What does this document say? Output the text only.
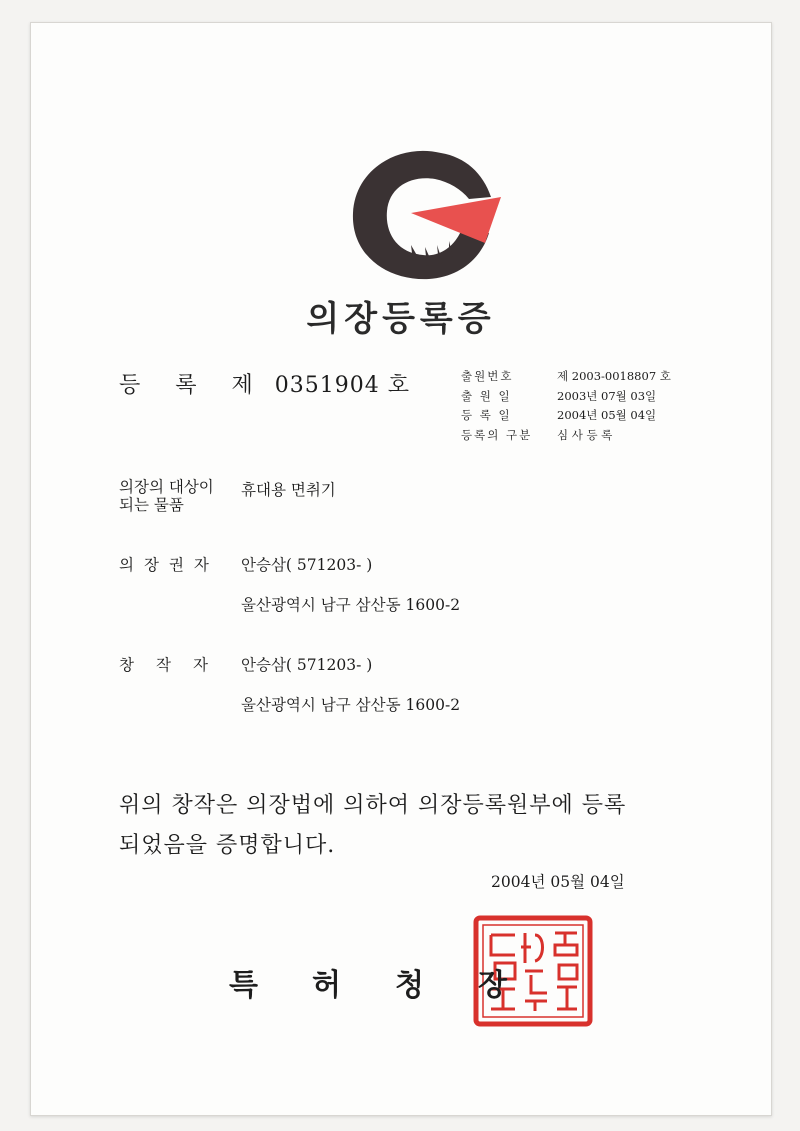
의장등록증
등 록 제 0351904 호	출원번호
출 원 일
등 록 일
등록의 구분
제 2003-0018807 호
2003년 07월 03일
2004년 05월 04일
심 사 등 록
의장의 대상이
되는 물품
휴대용 면취기
의장권자 안승삼( 571203- )
울산광역시 남구 삼산동 1600-2
창작자 안승삼( 571203- )
울산광역시 남구 삼산동 1600-2
위의 창작은 의장법에 의하여 의장등록원부에 등록
되었음을 증명합니다.
2004년 05월 04일
특허청장
